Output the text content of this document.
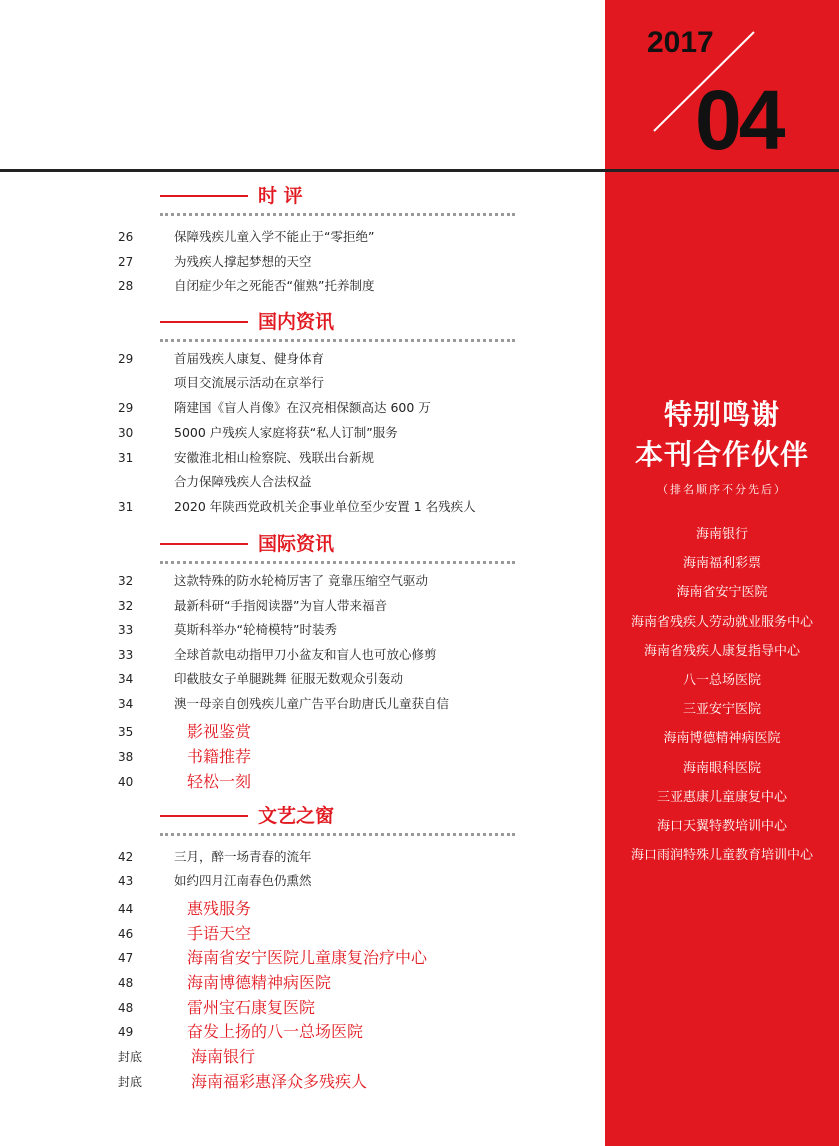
2017
04
特别鸣谢
本刊合作伙伴
（排名顺序不分先后）
海南银行
海南福利彩票
海南省安宁医院
海南省残疾人劳动就业服务中心
海南省残疾人康复指导中心
八一总场医院
三亚安宁医院
海南博德精神病医院
海南眼科医院
三亚惠康儿童康复中心
海口天翼特教培训中心
海口雨润特殊儿童教育培训中心
时 评
26	保障残疾儿童入学不能止于“零拒绝”
27	为残疾人撑起梦想的天空
28	自闭症少年之死能否“催熟”托养制度
国内资讯
29	首届残疾人康复、健身体育
项目交流展示活动在京举行
29	隋建国《盲人肖像》在汉亮相保额高达 600 万
30	5000 户残疾人家庭将获“私人订制”服务
31	安徽淮北相山检察院、残联出台新规
合力保障残疾人合法权益
31	2020 年陕西党政机关企事业单位至少安置 1 名残疾人
国际资讯
32	这款特殊的防水轮椅厉害了 竟靠压缩空气驱动
32	最新科研“手指阅读器”为盲人带来福音
33	莫斯科举办“轮椅模特”时装秀
33	全球首款电动指甲刀小盆友和盲人也可放心修剪
34	印截肢女子单腿跳舞 征服无数观众引轰动
34	澳一母亲自创残疾儿童广告平台助唐氏儿童获自信
35	影视鉴赏
38	书籍推荐
40	轻松一刻
文艺之窗
42	三月，醉一场青春的流年
43	如约四月江南春色仍熏然
44	惠残服务
46	手语天空
47	海南省安宁医院儿童康复治疗中心
48	海南博德精神病医院
48	雷州宝石康复医院
49	奋发上扬的八一总场医院
封底	海南银行
封底	海南福彩惠泽众多残疾人
